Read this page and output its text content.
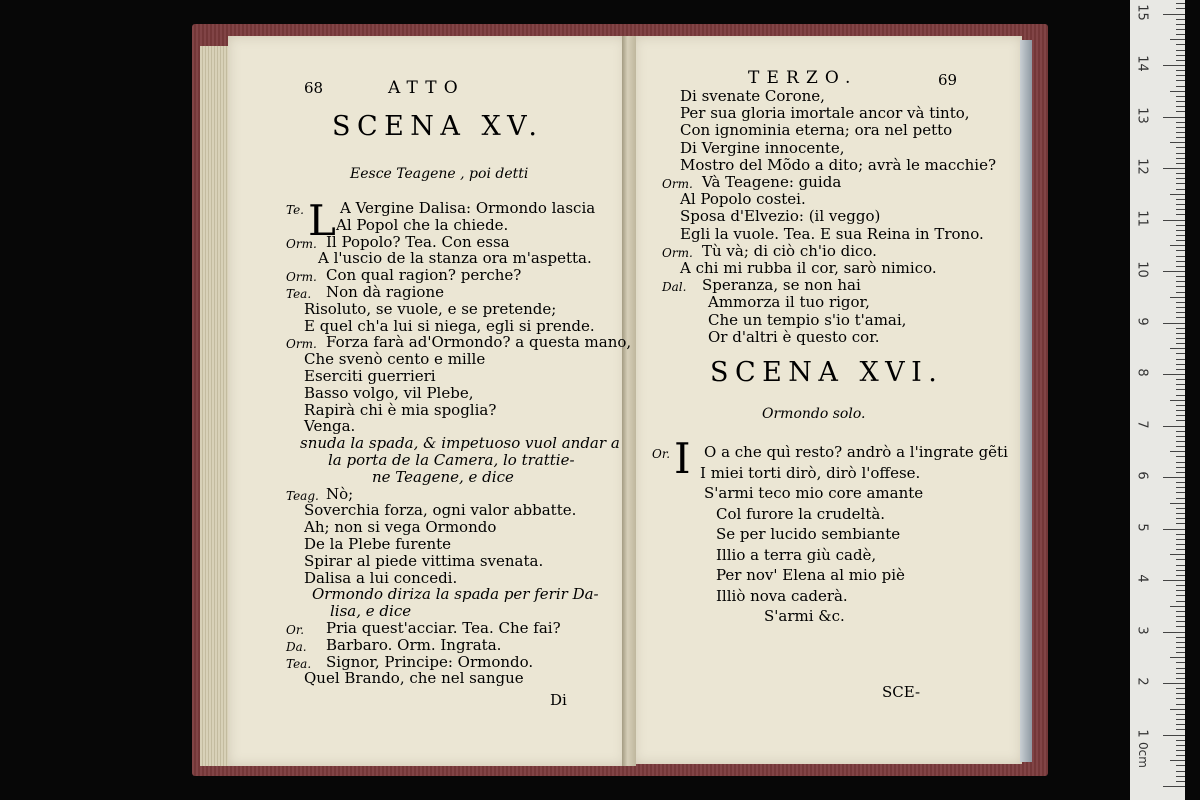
68	ATTO
SCENA XV.
Eesce Teagene , poi detti
L
Te. A Vergine Dalisa: Ormondo lascia
Al Popol che la chiede.
Orm. Il Popolo? Tea. Con essa
A l'uscio de la stanza ora m'aspetta.
Orm. Con qual ragion? perche?
Tea. Non dà ragione
Risoluto, se vuole, e se pretende;
E quel ch'a lui si niega, egli si prende.
Orm. Forza farà ad'Ormondo? a questa mano,
Che svenò cento e mille
Eserciti guerrieri
Basso volgo, vil Plebe,
Rapirà chi è mia spoglia?
Venga.
snuda la spada, & impetuoso vuol andar a
la porta de la Camera, lo trattie-
ne Teagene, e dice
Teag. Nò;
Soverchia forza, ogni valor abbatte.
Ah; non si vega Ormondo
De la Plebe furente
Spirar al piede vittima svenata.
Dalisa a lui concedi.
Ormondo diriza la spada per ferir Da-
lisa, e dice
Or. Pria quest'acciar. Tea. Che fai?
Da. Barbaro. Orm. Ingrata.
Tea. Signor, Principe: Ormondo.
Quel Brando, che nel sangue
Di
TERZO.	69
Di svenate Corone,
Per sua gloria imortale ancor và tinto,
Con ignominia eterna; ora nel petto
Di Vergine innocente,
Mostro del Mõdo a dito; avrà le macchie?
Orm. Và Teagene: guida
Al Popolo costei.
Sposa d'Elvezio: (il veggo)
Egli la vuole. Tea. E sua Reina in Trono.
Orm. Tù và; di ciò ch'io dico.
A chi mi rubba il cor, sarò nimico.
Dal. Speranza, se non hai
Ammorza il tuo rigor,
Che un tempio s'io t'amai,
Or d'altri è questo cor.
SCENA XVI.
Ormondo solo.
I
Or. O a che quì resto? andrò a l'ingrate gẽti
I miei torti dirò, dirò l'offese.
S'armi teco mio core amante
Col furore la crudeltà.
Se per lucido sembiante
Illio a terra giù cadè,
Per nov' Elena al mio piè
Illiò nova caderà.
S'armi &c.
SCE-
1
2
3
4
5
6
7
8
9
10
11
12
13
14
15
0cm
